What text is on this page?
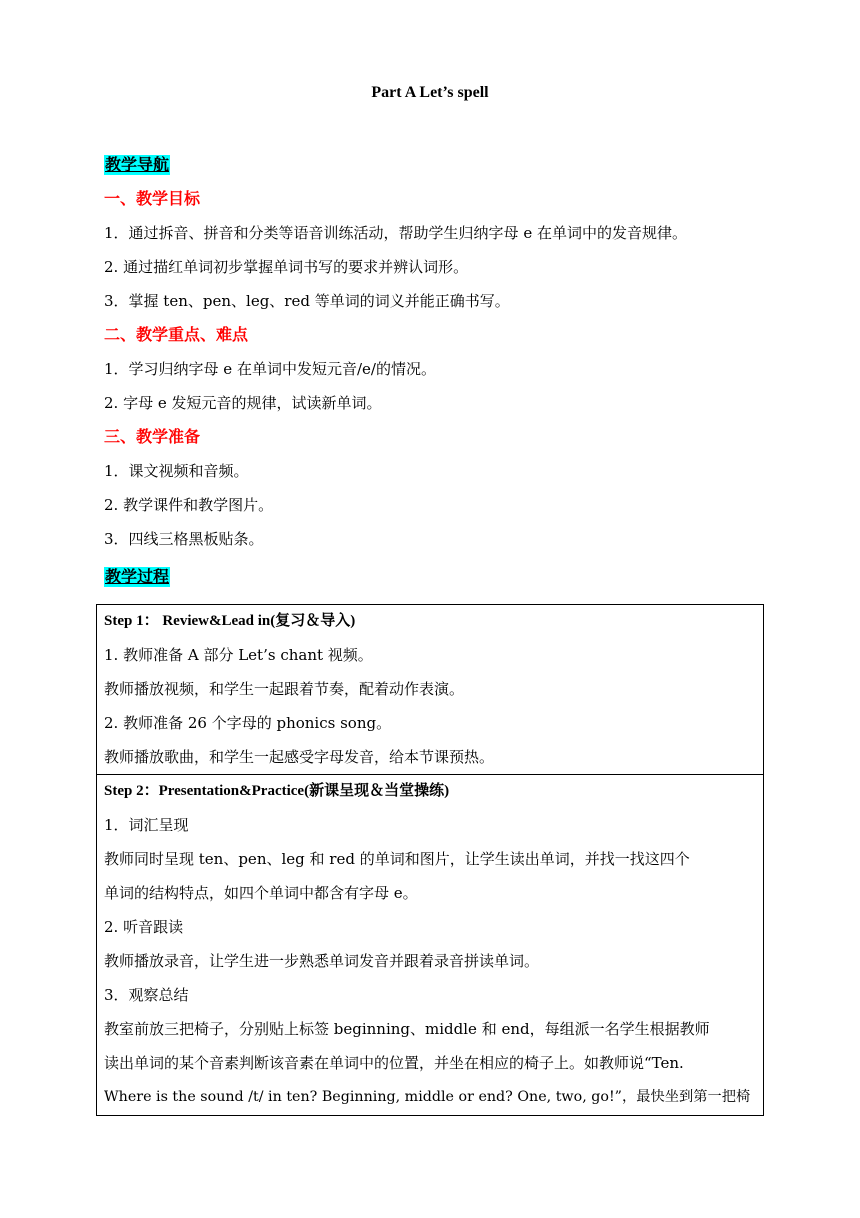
Part A Let’s spell
教学导航
一、教学目标
1．通过拆音、拼音和分类等语音训练活动，帮助学生归纳字母 e 在单词中的发音规律。
2. 通过描红单词初步掌握单词书写的要求并辨认词形。
3．掌握 ten、pen、leg、red 等单词的词义并能正确书写。
二、教学重点、难点
1．学习归纳字母 e 在单词中发短元音/e/的情况。
2. 字母 e 发短元音的规律，试读新单词。
三、教学准备
1．课文视频和音频。
2. 教学课件和教学图片。
3．四线三格黑板贴条。
教学过程
Step 1： Review&Lead in(复习＆导入)
1. 教师准备 A 部分 Let’s chant 视频。
教师播放视频，和学生一起跟着节奏，配着动作表演。
2. 教师准备 26 个字母的 phonics song。
教师播放歌曲，和学生一起感受字母发音，给本节课预热。
Step 2：Presentation&Practice(新课呈现＆当堂操练)
1．词汇呈现
教师同时呈现 ten、pen、leg 和 red 的单词和图片，让学生读出单词，并找一找这四个
单词的结构特点，如四个单词中都含有字母 e。
2. 听音跟读
教师播放录音，让学生进一步熟悉单词发音并跟着录音拼读单词。
3．观察总结
教室前放三把椅子，分别贴上标签 beginning、middle 和 end，每组派一名学生根据教师
读出单词的某个音素判断该音素在单词中的位置，并坐在相应的椅子上。如教师说“Ten.
Where is the sound /t/ in ten? Beginning, middle or end? One, two, go!”，最快坐到第一把椅
